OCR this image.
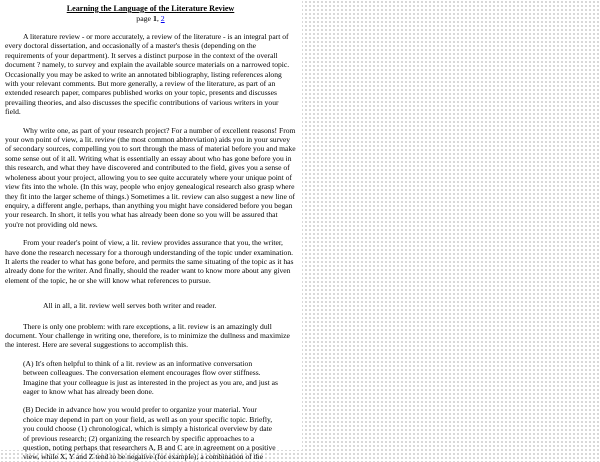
Learning the Language of the Literature Review
page 1, 2

A literature review - or more accurately, a review of the literature - is an integral part of every doctoral dissertation, and occasionally of a master's thesis (depending on the requirements of your department). It serves a distinct purpose in the context of the overall document ? namely, to survey and explain the available source materials on a narrowed topic. Occasionally you may be asked to write an annotated bibliography, listing references along with your relevant comments. But more generally, a review of the literature, as part of an extended research paper, compares published works on your topic, presents and discusses prevailing theories, and also discusses the specific contributions of various writers in your field.

Why write one, as part of your research project? For a number of excellent reasons! From your own point of view, a lit. review (the most common abbreviation) aids you in your survey of secondary sources, compelling you to sort through the mass of material before you and make some sense out of it all. Writing what is essentially an essay about who has gone before you in this research, and what they have discovered and contributed to the field, gives you a sense of wholeness about your project, allowing you to see quite accurately where your unique point of view fits into the whole. (In this way, people who enjoy genealogical research also grasp where they fit into the larger scheme of things.) Sometimes a lit. review can also suggest a new line of enquiry, a different angle, perhaps, than anything you might have considered before you began your research. In short, it tells you what has already been done so you will be assured that you're not providing old news.

From your reader's point of view, a lit. review provides assurance that you, the writer, have done the research necessary for a thorough understanding of the topic under examination. It alerts the reader to what has gone before, and permits the same situating of the topic as it has already done for the writer. And finally, should the reader want to know more about any given element of the topic, he or she will know what references to pursue.

All in all, a lit. review well serves both writer and reader.

There is only one problem: with rare exceptions, a lit. review is an amazingly dull document. Your challenge in writing one, therefore, is to minimize the dullness and maximize the interest. Here are several suggestions to accomplish this.

(A) It's often helpful to think of a lit. review as an informative conversation between colleagues. The conversation element encourages flow over stiffness. Imagine that your colleague is just as interested in the project as you are, and just as eager to know what has already been done.

(B) Decide in advance how you would prefer to organize your material. Your choice may depend in part on your field, as well as on your specific topic. Briefly, you could choose (1) chronological, which is simply a historical overview by date of previous research; (2) organizing the research by specific approaches to a question, noting perhaps that researchers A, B and C are in agreement on a positive view, while X, Y and Z tend to be negative (for example); a combination of the
